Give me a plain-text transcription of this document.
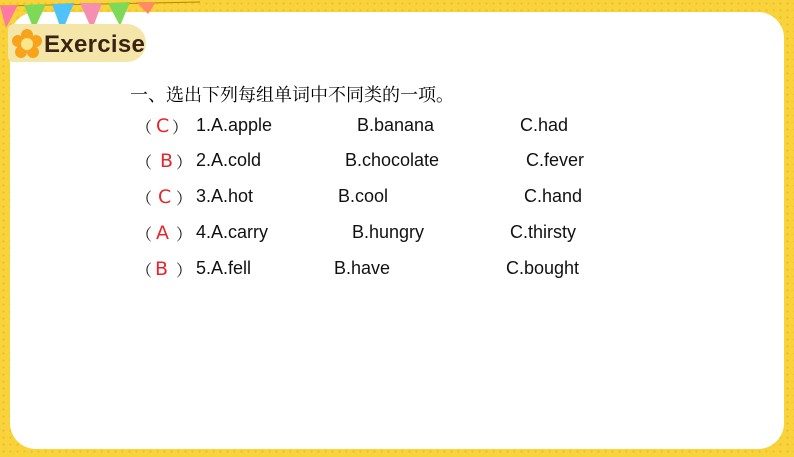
Exercise
一、选出下列每组单词中不同类的一项。
（ C ） 1.A.apple	B.banana	C.had
（ B ） 2.A.cold	B.chocolate	C.fever
（ C ） 3.A.hot	B.cool	C.hand
（ A ） 4.A.carry	B.hungry	C.thirsty
（ B ） 5.A.fell	B.have	C.bought
